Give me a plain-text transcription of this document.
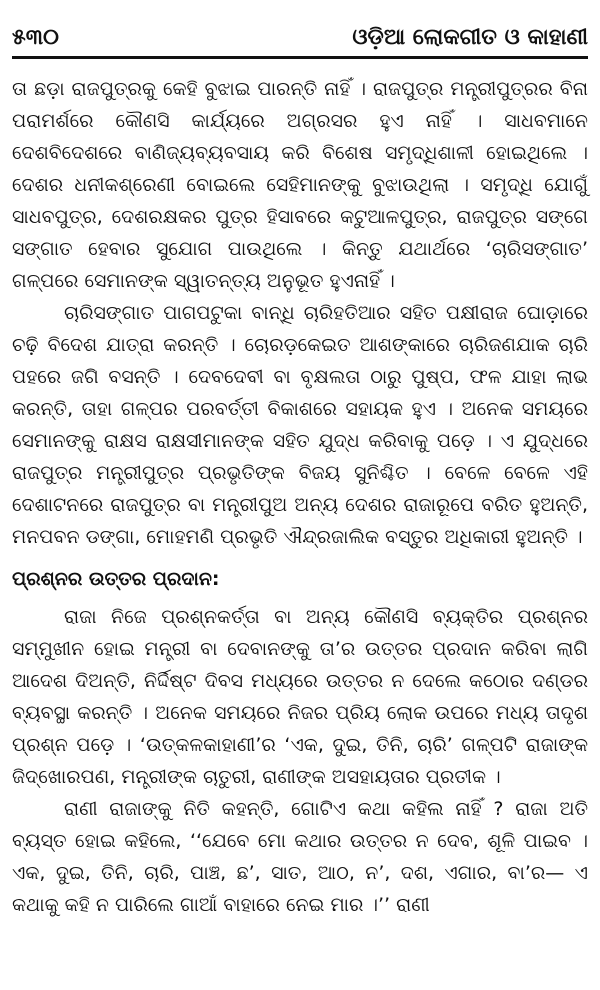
୫୩୦	ଓଡ଼ିଆ ଲୋକଗୀତ ଓ କାହାଣୀ

ତା ଛଡ଼ା ରାଜପୁତ୍ରକୁ କେହି ବୁଝାଇ ପାରନ୍ତି ନାହିଁ । ରାଜପୁତ୍ର ମନ୍ତ୍ରୀପୁତ୍ରର ବିନା ପରାମର୍ଶରେ କୌଣସି କାର୍ଯ୍ୟରେ ଅଗ୍ରସର ହୁଏ ନାହିଁ । ସାଧବମାନେ ଦେଶବିଦେଶରେ ବାଣିଜ୍ୟବ୍ୟବସାୟ କରି ବିଶେଷ ସମୃଦ୍ଧିଶାଳୀ ହୋଇଥିଲେ । ଦେଶର ଧନୀକଶ୍ରେଣୀ ବୋଇଲେ ସେହିମାନଙ୍କୁ ବୁଝାଉଥିଲା । ସମୃଦ୍ଧି ଯୋଗୁଁ ସାଧବପୁତ୍ର, ଦେଶରକ୍ଷକର ପୁତ୍ର ହିସାବରେ କଟୁଆଳପୁତ୍ର, ରାଜପୁତ୍ର ସଙ୍ଗେ ସଙ୍ଗାତ ହେବାର ସୁଯୋଗ ପାଉଥିଲେ । କିନ୍ତୁ ଯଥାର୍ଥରେ ‘ଚାରିସଙ୍ଗାତ’ ଗଳ୍ପରେ ସେମାନଙ୍କ ସ୍ୱାତନ୍ତ୍ୟ ଅନୁଭୂତ ହୁଏନାହିଁ ।

ଚାରିସଙ୍ଗାତ ପାଗପଟୁକା ବାନ୍ଧି ଚାରିହତିଆର ସହିତ ପକ୍ଷୀରାଜ ଘୋଡ଼ାରେ ଚଢ଼ି ବିଦେଶ ଯାତ୍ରା କରନ୍ତି । ଚୋରଡ଼କେଇତ ଆଶଙ୍କାରେ ଚାରିଜଣଯାକ ଚାରି ପହରେ ଜଗି ବସନ୍ତି । ଦେବଦେବୀ ବା ବୃକ୍ଷଲତା ଠାରୁ ପୁଷ୍ପ, ଫଳ ଯାହା ଲାଭ କରନ୍ତି, ତାହା ଗଳ୍ପର ପରବର୍ତ୍ତୀ ବିକାଶରେ ସହାୟକ ହୁଏ । ଅନେକ ସମୟରେ ସେମାନଙ୍କୁ ରାକ୍ଷସ ରାକ୍ଷସୀମାନଙ୍କ ସହିତ ଯୁଦ୍ଧ କରିବାକୁ ପଡ଼େ । ଏ ଯୁଦ୍ଧରେ ରାଜପୁତ୍ର ମନ୍ତ୍ରୀପୁତ୍ର ପ୍ରଭୃତିଙ୍କ ବିଜୟ ସୁନିଶ୍ଚିତ । ବେଳେ ବେଳେ ଏହି ଦେଶାଟନରେ ରାଜପୁତ୍ର ବା ମନ୍ତ୍ରୀପୁଅ ଅନ୍ୟ ଦେଶର ରାଜାରୂପେ ବରିତ ହୁଅନ୍ତି, ମନପବନ ଡଙ୍ଗା, ମୋହମଣି ପ୍ରଭୃତି ଐନ୍ଦ୍ରଜାଲିକ ବସ୍ତୁର ଅଧିକାରୀ ହୁଅନ୍ତି ।

ପ୍ରଶ୍ନର ଉତ୍ତର ପ୍ରଦାନ:

ରାଜା ନିଜେ ପ୍ରଶ୍ନକର୍ତ୍ତା ବା ଅନ୍ୟ କୌଣସି ବ୍ୟକ୍ତିର ପ୍ରଶ୍ନର ସମ୍ମୁଖୀନ ହୋଇ ମନ୍ତ୍ରୀ ବା ଦେବାନଙ୍କୁ ତା’ର ଉତ୍ତର ପ୍ରଦାନ କରିବା ଲାଗି ଆଦେଶ ଦିଅନ୍ତି, ନିର୍ଦ୍ଦିଷ୍ଟ ଦିବସ ମଧ୍ୟରେ ଉତ୍ତର ନ ଦେଲେ କଠୋର ଦଣ୍ଡର ବ୍ୟବସ୍ଥା କରନ୍ତି । ଅନେକ ସମୟରେ ନିଜର ପ୍ରିୟ ଲୋକ ଉପରେ ମଧ୍ୟ ତାଦୃଶ ପ୍ରଶ୍ନ ପଡ଼େ । ‘ଉତ୍କଳକାହାଣୀ’ର ‘ଏକ, ଦୁଇ, ତିନି, ଚାରି’ ଗଳ୍ପଟି ରାଜାଙ୍କ ଜିଦ୍‌ଖୋରପଣ, ମନ୍ତ୍ରୀଙ୍କ ଚାତୁରୀ, ରାଣୀଙ୍କ ଅସହାୟତାର ପ୍ରତୀକ ।

ରାଣୀ ରାଜାଙ୍କୁ ନିତି କହନ୍ତି, ଗୋଟିଏ କଥା କହିଲ ନାହିଁ ? ରାଜା ଅତି ବ୍ୟସ୍ତ ହୋଇ କହିଲେ, ‘‘ଯେବେ ମୋ କଥାର ଉତ୍ତର ନ ଦେବ, ଶୂଳି ପାଇବ । ଏକ, ଦୁଇ, ତିନି, ଚାରି, ପାଞ୍ଚ, ଛ’, ସାତ, ଆଠ, ନ’, ଦଶ, ଏଗାର, ବା’ର— ଏ କଥାକୁ କହି ନ ପାରିଲେ ଗାଆଁ ବାହାରେ ନେଇ ମାର ।’’ ରାଣୀ
